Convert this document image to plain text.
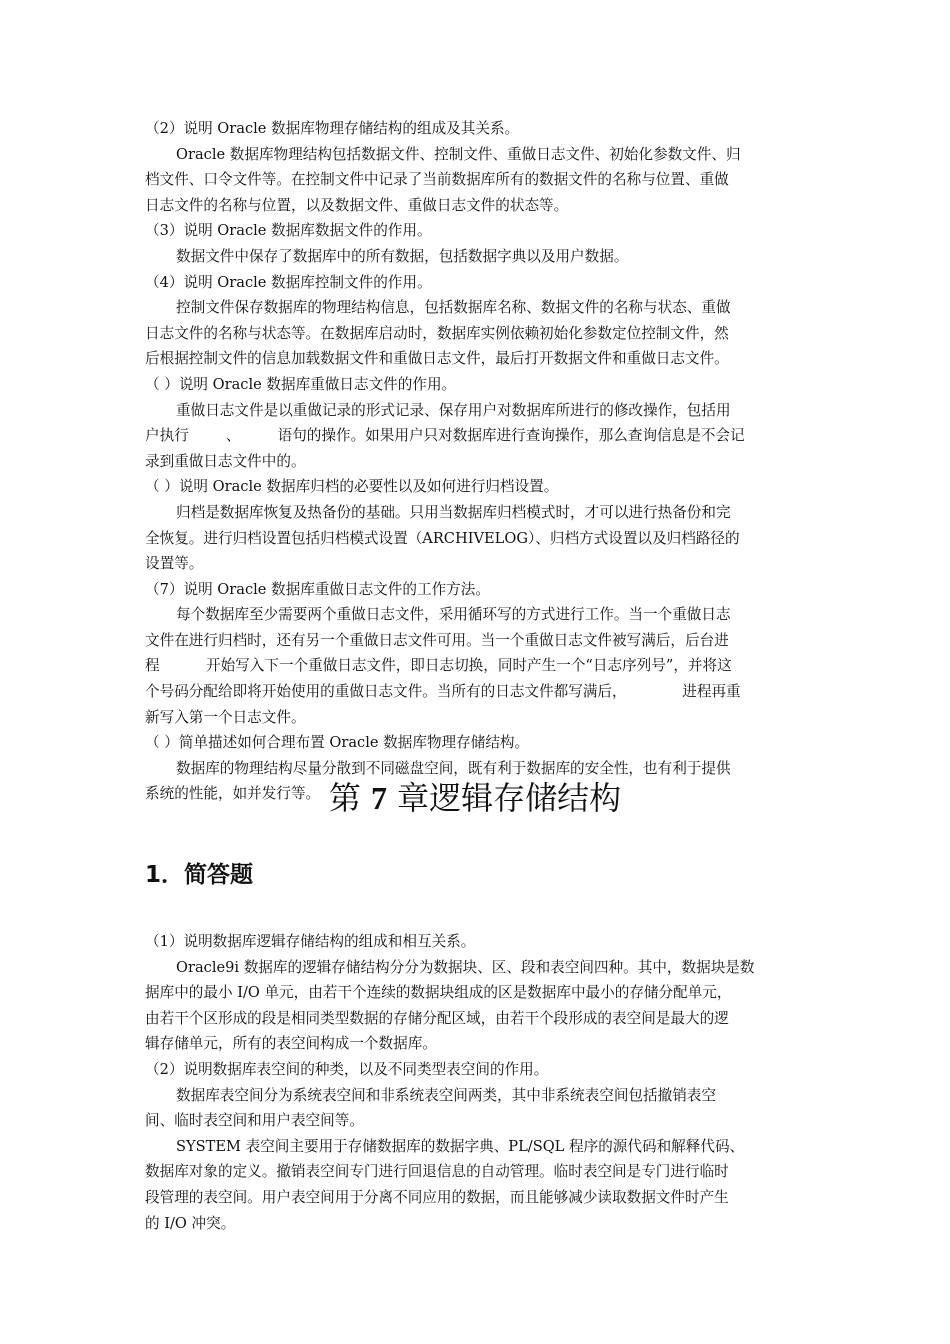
（2）说明 Oracle 数据库物理存储结构的组成及其关系。

Oracle 数据库物理结构包括数据文件、控制文件、重做日志文件、初始化参数文件、归

档文件、口令文件等。在控制文件中记录了当前数据库所有的数据文件的名称与位置、重做

日志文件的名称与位置，以及数据文件、重做日志文件的状态等。

（3）说明 Oracle 数据库数据文件的作用。

数据文件中保存了数据库中的所有数据，包括数据字典以及用户数据。

（4）说明 Oracle 数据库控制文件的作用。

控制文件保存数据库的物理结构信息，包括数据库名称、数据文件的名称与状态、重做

日志文件的名称与状态等。在数据库启动时，数据库实例依赖初始化参数定位控制文件，然

后根据控制文件的信息加载数据文件和重做日志文件，最后打开数据文件和重做日志文件。

（ ）说明 Oracle 数据库重做日志文件的作用。

重做日志文件是以重做记录的形式记录、保存用户对数据库所进行的修改操作，包括用

户执行        、        语句的操作。如果用户只对数据库进行查询操作，那么查询信息是不会记

录到重做日志文件中的。

（ ）说明 Oracle 数据库归档的必要性以及如何进行归档设置。

归档是数据库恢复及热备份的基础。只用当数据库归档模式时，才可以进行热备份和完

全恢复。进行归档设置包括归档模式设置（ARCHIVELOG）、归档方式设置以及归档路径的

设置等。

（7）说明 Oracle 数据库重做日志文件的工作方法。

每个数据库至少需要两个重做日志文件，采用循环写的方式进行工作。当一个重做日志

文件在进行归档时，还有另一个重做日志文件可用。当一个重做日志文件被写满后，后台进

程          开始写入下一个重做日志文件，即日志切换，同时产生一个“日志序列号”，并将这

个号码分配给即将开始使用的重做日志文件。当所有的日志文件都写满后，            进程再重

新写入第一个日志文件。

（ ）简单描述如何合理布置 Oracle 数据库物理存储结构。

数据库的物理结构尽量分散到不同磁盘空间，既有利于数据库的安全性，也有利于提供

系统的性能，如并发行等。 第 7 章逻辑存储结构
1．简答题

（1）说明数据库逻辑存储结构的组成和相互关系。

Oracle9i 数据库的逻辑存储结构分分为数据块、区、段和表空间四种。其中，数据块是数

据库中的最小 I/O 单元，由若干个连续的数据块组成的区是数据库中最小的存储分配单元，

由若干个区形成的段是相同类型数据的存储分配区域，由若干个段形成的表空间是最大的逻

辑存储单元，所有的表空间构成一个数据库。

（2）说明数据库表空间的种类，以及不同类型表空间的作用。

数据库表空间分为系统表空间和非系统表空间两类，其中非系统表空间包括撤销表空

间、临时表空间和用户表空间等。

SYSTEM 表空间主要用于存储数据库的数据字典、PL/SQL 程序的源代码和解释代码、

数据库对象的定义。撤销表空间专门进行回退信息的自动管理。临时表空间是专门进行临时

段管理的表空间。用户表空间用于分离不同应用的数据，而且能够减少读取数据文件时产生

的 I/O 冲突。
